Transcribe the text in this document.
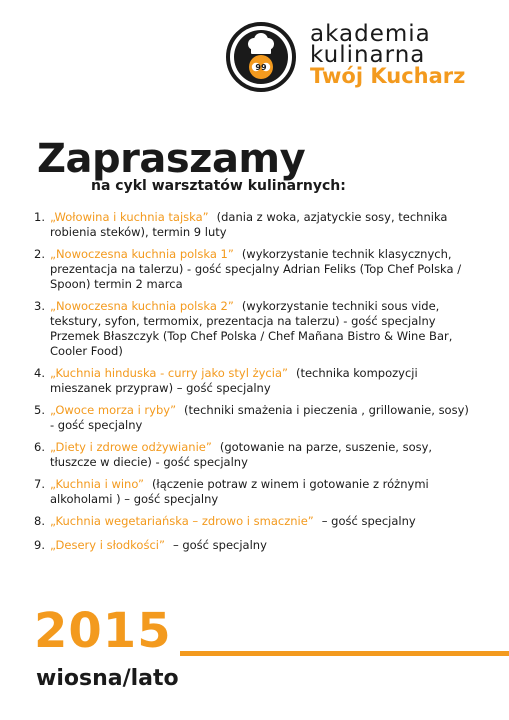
99
akademia
kulinarna
Twój Kucharz
Zapraszamy
na cykl warsztatów kulinarnych:
1. „Wołowina i kuchnia tajska” (dania z woka, azjatyckie sosy, technika robienia steków), termin 9 luty
2. „Nowoczesna kuchnia polska 1” (wykorzystanie technik klasycznych, prezentacja na talerzu) - gość specjalny Adrian Feliks (Top Chef Polska / Spoon) termin 2 marca
3. „Nowoczesna kuchnia polska 2” (wykorzystanie techniki sous vide, tekstury, syfon, termomix, prezentacja na talerzu) - gość specjalny Przemek Błaszczyk (Top Chef Polska / Chef Mañana Bistro & Wine Bar, Cooler Food)
4. „Kuchnia hinduska - curry jako styl życia” (technika kompozycji mieszanek przypraw) – gość specjalny
5. „Owoce morza i ryby” (techniki smażenia i pieczenia , grillowanie, sosy) - gość specjalny
6. „Diety i zdrowe odżywianie” (gotowanie na parze, suszenie, sosy, tłuszcze w diecie) - gość specjalny
7. „Kuchnia i wino” (łączenie potraw z winem i gotowanie z różnymi alkoholami ) – gość specjalny
8. „Kuchnia wegetariańska – zdrowo i smacznie” – gość specjalny
9. „Desery i słodkości” – gość specjalny
2015
wiosna/lato
